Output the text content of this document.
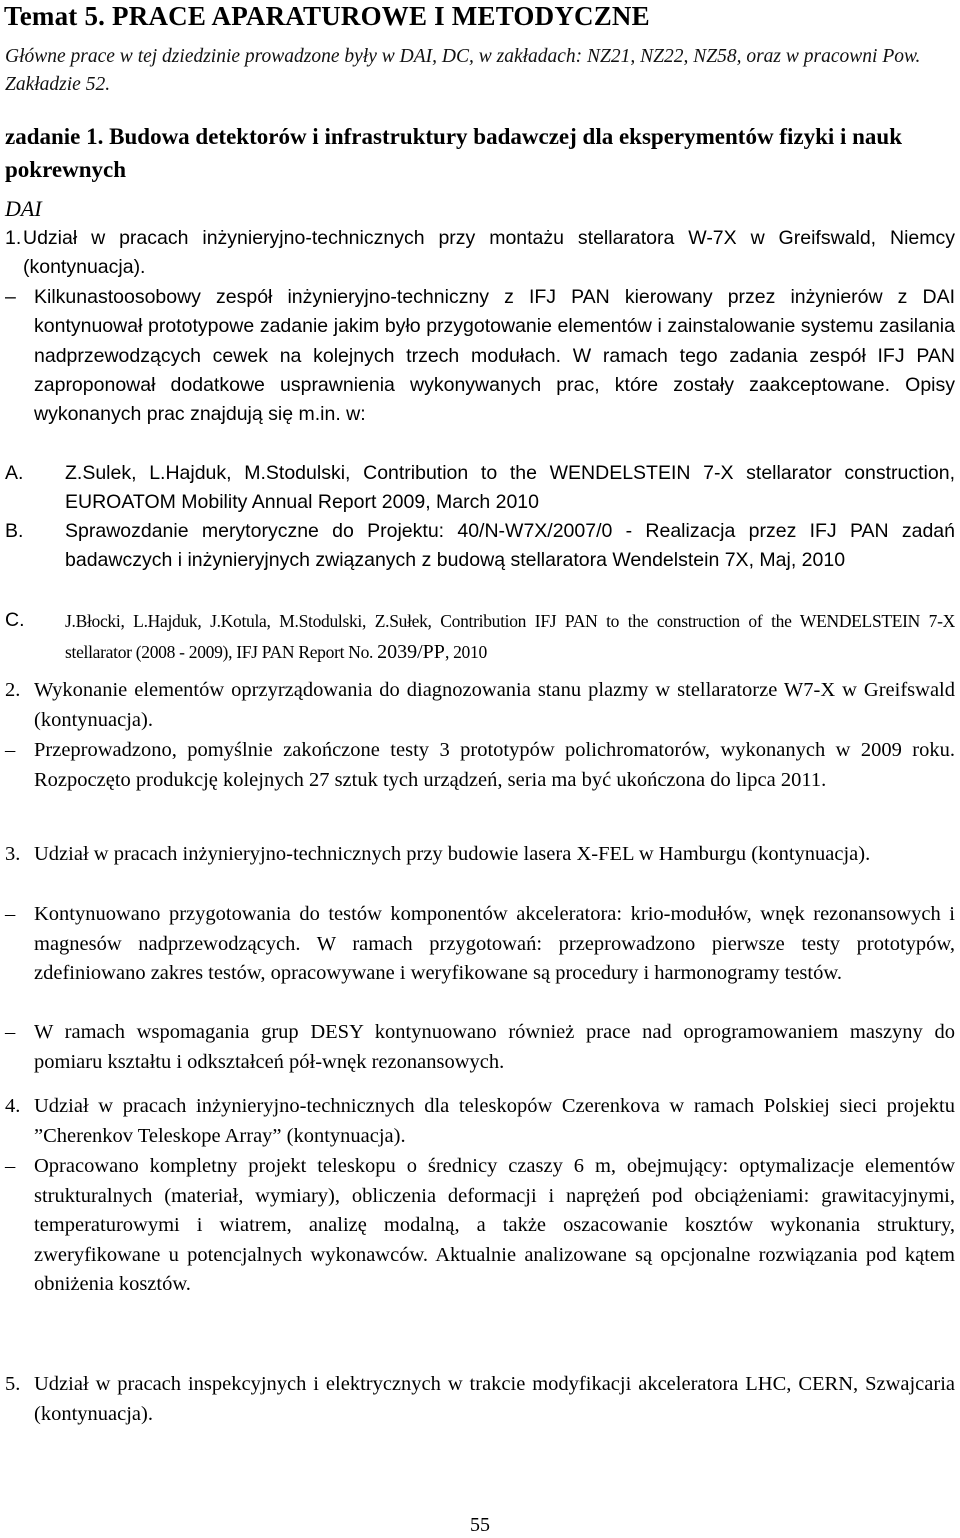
Temat 5. PRACE APARATUROWE I METODYCZNE
Główne prace w tej dziedzinie prowadzone były w DAI, DC, w zakładach: NZ21, NZ22, NZ58, oraz w pracowni Pow. Zakładzie 52.
zadanie 1. Budowa detektorów i infrastruktury badawczej dla eksperymentów fizyki i nauk pokrewnych
DAI
1. Udział w pracach inżynieryjno-technicznych przy montażu stellaratora W-7X w Greifswald, Niemcy (kontynuacja).

– Kilkunastoosobowy zespół inżynieryjno-techniczny z IFJ PAN kierowany przez inżynierów z DAI kontynuował prototypowe zadanie jakim było przygotowanie elementów i zainstalowanie systemu zasilania nadprzewodzących cewek na kolejnych trzech modułach. W ramach tego zadania zespół IFJ PAN zaproponował dodatkowe usprawnienia wykonywanych prac, które zostały zaakceptowane. Opisy wykonanych prac znajdują się m.in. w:

A. Z.Sulek, L.Hajduk, M.Stodulski, Contribution to the WENDELSTEIN 7-X stellarator construction, EUROATOM Mobility Annual Report 2009, March 2010

B. Sprawozdanie merytoryczne do Projektu: 40/N-W7X/2007/0 - Realizacja przez IFJ PAN zadań badawczych i inżynieryjnych związanych z budową stellaratora Wendelstein 7X, Maj, 2010

C. J.Błocki, L.Hajduk, J.Kotula, M.Stodulski, Z.Sułek, Contribution IFJ PAN to the construction of the WENDELSTEIN 7-X stellarator (2008 - 2009), IFJ PAN Report No. 2039/PP, 2010

2. Wykonanie elementów oprzyrządowania do diagnozowania stanu plazmy w stellaratorze W7-X w Greifswald (kontynuacja).

– Przeprowadzono, pomyślnie zakończone testy 3 prototypów polichromatorów, wykonanych w 2009 roku. Rozpoczęto produkcję kolejnych 27 sztuk tych urządzeń, seria ma być ukończona do lipca 2011.

3. Udział w pracach inżynieryjno-technicznych przy budowie lasera X-FEL w Hamburgu (kontynuacja).

– Kontynuowano przygotowania do testów komponentów akceleratora: krio-modułów, wnęk rezonansowych i magnesów nadprzewodzących. W ramach przygotowań: przeprowadzono pierwsze testy prototypów, zdefiniowano zakres testów, opracowywane i weryfikowane są procedury i harmonogramy testów.

– W ramach wspomagania grup DESY kontynuowano również prace nad oprogramowaniem maszyny do pomiaru kształtu i odkształceń pół-wnęk rezonansowych.

4. Udział w pracach inżynieryjno-technicznych dla teleskopów Czerenkova w ramach Polskiej sieci projektu ”Cherenkov Teleskope Array” (kontynuacja).

– Opracowano kompletny projekt teleskopu o średnicy czaszy 6 m, obejmujący: optymalizacje elementów strukturalnych (materiał, wymiary), obliczenia deformacji i naprężeń pod obciążeniami: grawitacyjnymi, temperaturowymi i wiatrem, analizę modalną, a także oszacowanie kosztów wykonania struktury, zweryfikowane u potencjalnych wykonawców. Aktualnie analizowane są opcjonalne rozwiązania pod kątem obniżenia kosztów.

5. Udział w pracach inspekcyjnych i elektrycznych w trakcie modyfikacji akceleratora LHC, CERN, Szwajcaria (kontynuacja).

55
